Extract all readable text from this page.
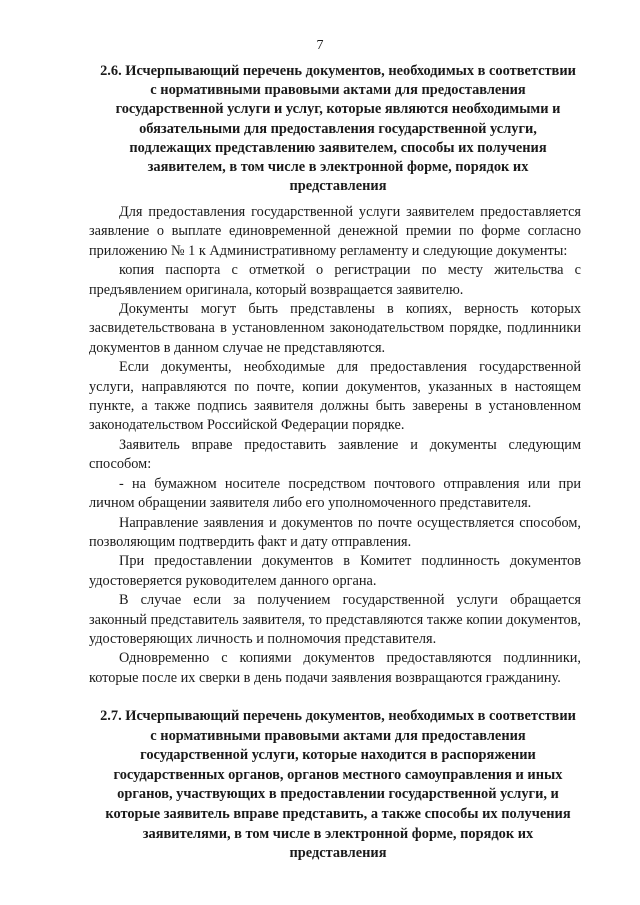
7
2.6. Исчерпывающий перечень документов, необходимых в соответствии с нормативными правовыми актами для предоставления государственной услуги и услуг, которые являются необходимыми и обязательными для предоставления государственной услуги, подлежащих представлению заявителем, способы их получения заявителем, в том числе в электронной форме, порядок их представления

Для предоставления государственной услуги заявителем предоставляется заявление о выплате единовременной денежной премии по форме согласно приложению № 1 к Административному регламенту и следующие документы:

копия паспорта с отметкой о регистрации по месту жительства с предъявлением оригинала, который возвращается заявителю.

Документы могут быть представлены в копиях, верность которых засвидетельствована в установленном законодательством порядке, подлинники документов в данном случае не представляются.

Если документы, необходимые для предоставления государственной услуги, направляются по почте, копии документов, указанных в настоящем пункте, а также подпись заявителя должны быть заверены в установленном законодательством Российской Федерации порядке.

Заявитель вправе предоставить заявление и документы следующим способом:

- на бумажном носителе посредством почтового отправления или при личном обращении заявителя либо его уполномоченного представителя.

Направление заявления и документов по почте осуществляется способом, позволяющим подтвердить факт и дату отправления.

При предоставлении документов в Комитет подлинность документов удостоверяется руководителем данного органа.

В случае если за получением государственной услуги обращается законный представитель заявителя, то представляются также копии документов, удостоверяющих личность и полномочия представителя.

Одновременно с копиями документов предоставляются подлинники, которые после их сверки в день подачи заявления возвращаются гражданину.

2.7. Исчерпывающий перечень документов, необходимых в соответствии с нормативными правовыми актами для предоставления государственной услуги, которые находится в распоряжении государственных органов, органов местного самоуправления и иных органов, участвующих в предоставлении государственной услуги, и которые заявитель вправе представить, а также способы их получения заявителями, в том числе в электронной форме, порядок их представления
